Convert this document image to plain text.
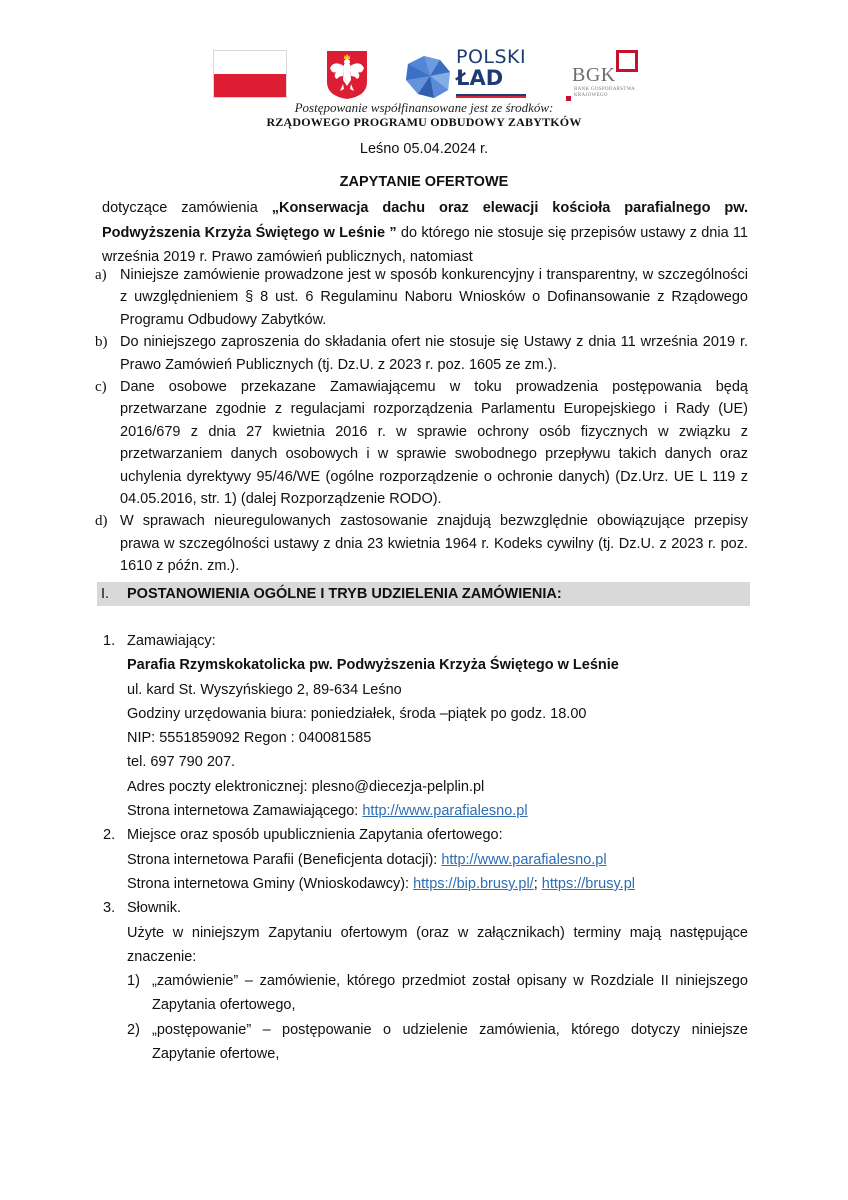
POLSKI
ŁAD	BGK
BANK GOSPODARSTWA
KRAJOWEGO
Postępowanie współfinansowane jest ze środków:
RZĄDOWEGO PROGRAMU ODBUDOWY ZABYTKÓW
Leśno 05.04.2024 r.
ZAPYTANIE OFERTOWE
dotyczące zamówienia „Konserwacja dachu oraz elewacji kościoła parafialnego pw. Podwyższenia Krzyża Świętego w Leśnie ” do którego nie stosuje się przepisów ustawy z dnia 11 września 2019 r. Prawo zamówień publicznych, natomiast
a) Niniejsze zamówienie prowadzone jest w sposób konkurencyjny i transparentny, w szczególności z uwzględnieniem § 8 ust. 6 Regulaminu Naboru Wniosków o Dofinansowanie z Rządowego Programu Odbudowy Zabytków.
b) Do niniejszego zaproszenia do składania ofert nie stosuje się Ustawy z dnia 11 września 2019 r. Prawo Zamówień Publicznych (tj. Dz.U. z 2023 r. poz. 1605 ze zm.).
c) Dane osobowe przekazane Zamawiającemu w toku prowadzenia postępowania będą przetwarzane zgodnie z regulacjami rozporządzenia Parlamentu Europejskiego i Rady (UE) 2016/679 z dnia 27 kwietnia 2016 r. w sprawie ochrony osób fizycznych w związku z przetwarzaniem danych osobowych i w sprawie swobodnego przepływu takich danych oraz uchylenia dyrektywy 95/46/WE (ogólne rozporządzenie o ochronie danych) (Dz.Urz. UE L 119 z 04.05.2016, str. 1) (dalej Rozporządzenie RODO).
d) W sprawach nieuregulowanych zastosowanie znajdują bezwzględnie obowiązujące przepisy prawa w szczególności ustawy z dnia 23 kwietnia 1964 r. Kodeks cywilny (tj. Dz.U. z 2023 r. poz. 1610 z późn. zm.).
I. POSTANOWIENIA OGÓLNE I TRYB UDZIELENIA ZAMÓWIENIA:
1. Zamawiający:
Parafia Rzymskokatolicka pw. Podwyższenia Krzyża Świętego w Leśnie
ul. kard St. Wyszyńskiego 2, 89-634 Leśno
Godziny urzędowania biura: poniedziałek, środa –piątek po godz. 18.00
NIP: 5551859092 Regon : 040081585
tel. 697 790 207.
Adres poczty elektronicznej: plesno@diecezja-pelplin.pl
Strona internetowa Zamawiającego: http://www.parafialesno.pl
2. Miejsce oraz sposób upublicznienia Zapytania ofertowego:
Strona internetowa Parafii (Beneficjenta dotacji): http://www.parafialesno.pl
Strona internetowa Gminy (Wnioskodawcy): https://bip.brusy.pl/; https://brusy.pl
3. Słownik.
Użyte w niniejszym Zapytaniu ofertowym (oraz w załącznikach) terminy mają następujące znaczenie:
1) „zamówienie” – zamówienie, którego przedmiot został opisany w Rozdziale II niniejszego Zapytania ofertowego,
2) „postępowanie” – postępowanie o udzielenie zamówienia, którego dotyczy niniejsze Zapytanie ofertowe,
